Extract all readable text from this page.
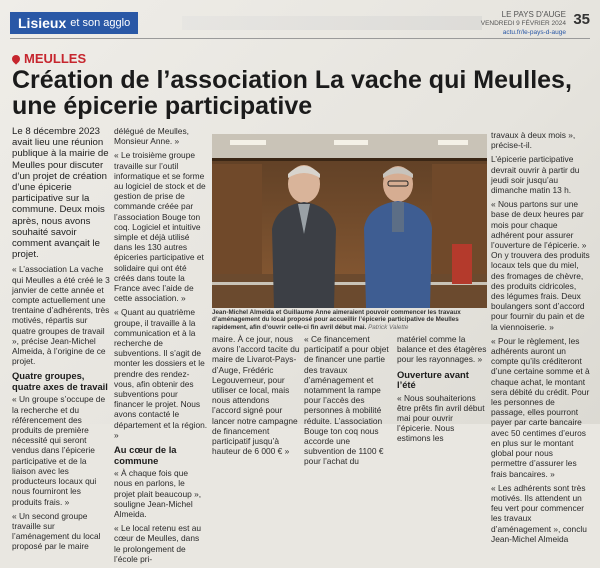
Lisieux et son agglo
LE PAYS D'AUGE
VENDREDI 9 FÉVRIER 2024
actu.fr/le-pays-d-auge
35
MEULLES
Création de l’association La vache qui Meulles, une épicerie participative

Le 8 décembre 2023 avait lieu une réunion publique à la mairie de Meulles pour discuter d’un projet de création d’une épicerie participative sur la commune. Deux mois après, nous avons souhaité savoir comment avançait le projet.

« L’association La vache qui Meulles a été créé le 3 janvier de cette année et compte actuellement une trentaine d’adhérents, très motivés, répartis sur quatre groupes de travail », précise Jean-Michel Almeida, à l’origine de ce projet.

Quatre groupes, quatre axes de travail

« Un groupe s’occupe de la recherche et du référencement des produits de première nécessité qui seront vendus dans l’épicerie participative et de la liaison avec les producteurs locaux qui nous fourniront les produits frais. »

« Un second groupe travaille sur l’aménagement du local proposé par le maire

délégué de Meulles, Monsieur Anne. »

« Le troisième groupe travaille sur l’outil informatique et se forme au logiciel de stock et de gestion de prise de commande créée par l’association Bouge ton coq. Logiciel et intuitive simple et déjà utilisé dans les 130 autres épiceries participative et solidaire qui ont été créés dans toute la France avec l’aide de cette association. »

« Quant au quatrième groupe, il travaille à la communication et à la recherche de subventions. Il s’agit de monter les dossiers et le prendre des rendez-vous, afin obtenir des subventions pour financer le projet. Nous avons contacté le département et la région. »

Au cœur de la commune

« À chaque fois que nous en parlons, le projet plait beaucoup », souligne Jean-Michel Almeida.

« Le local retenu est au cœur de Meulles, dans le prolongement de l’école pri-

Jean-Michel Almeida et Guillaume Anne aimeraient pouvoir commencer les travaux d’aménagement du local proposé pour accueillir l’épicerie participative de Meulles rapidement, afin d’ouvrir celle-ci fin avril début mai. Patrick Valette

maire. À ce jour, nous avons l’accord tacite du maire de Livarot-Pays-d’Auge, Frédéric Legouverneur, pour utiliser ce local, mais nous attendons l’accord signé pour lancer notre campagne de financement participatif jusqu’à hauteur de 6 000 € »

« Ce financement participatif a pour objet de financer une partie des travaux d’aménagement et notamment la rampe pour l’accès des personnes à mobilité réduite. L’association Bouge ton coq nous accorde une subvention de 1100 € pour l’achat du

matériel comme la balance et des étagères pour les rayonnages. »

Ouverture avant l’été

« Nous souhaiterions être prêts fin avril début mai pour ouvrir l’épicerie. Nous estimons les

travaux à deux mois », précise-t-il.

L’épicerie participative devrait ouvrir à partir du jeudi soir jusqu’au dimanche matin 13 h.

« Nous partons sur une base de deux heures par mois pour chaque adhérent pour assurer l’ouverture de l’épicerie. » On y trouvera des produits locaux tels que du miel, des fromages de chèvre, des produits cidricoles, des légumes frais. Deux boulangers sont d’accord pour fournir du pain et de la viennoiserie. »

« Pour le règlement, les adhérents auront un compte qu’ils créditeront d’une certaine somme et à chaque achat, le montant sera débité du crédit. Pour les personnes de passage, elles pourront payer par carte bancaire avec 50 centimes d’euros en plus sur le montant global pour nous permettre d’assurer les frais bancaires. »

« Les adhérents sont très motivés. Ils attendent un feu vert pour commencer les travaux d’aménagement », conclu Jean-Michel Almeida
